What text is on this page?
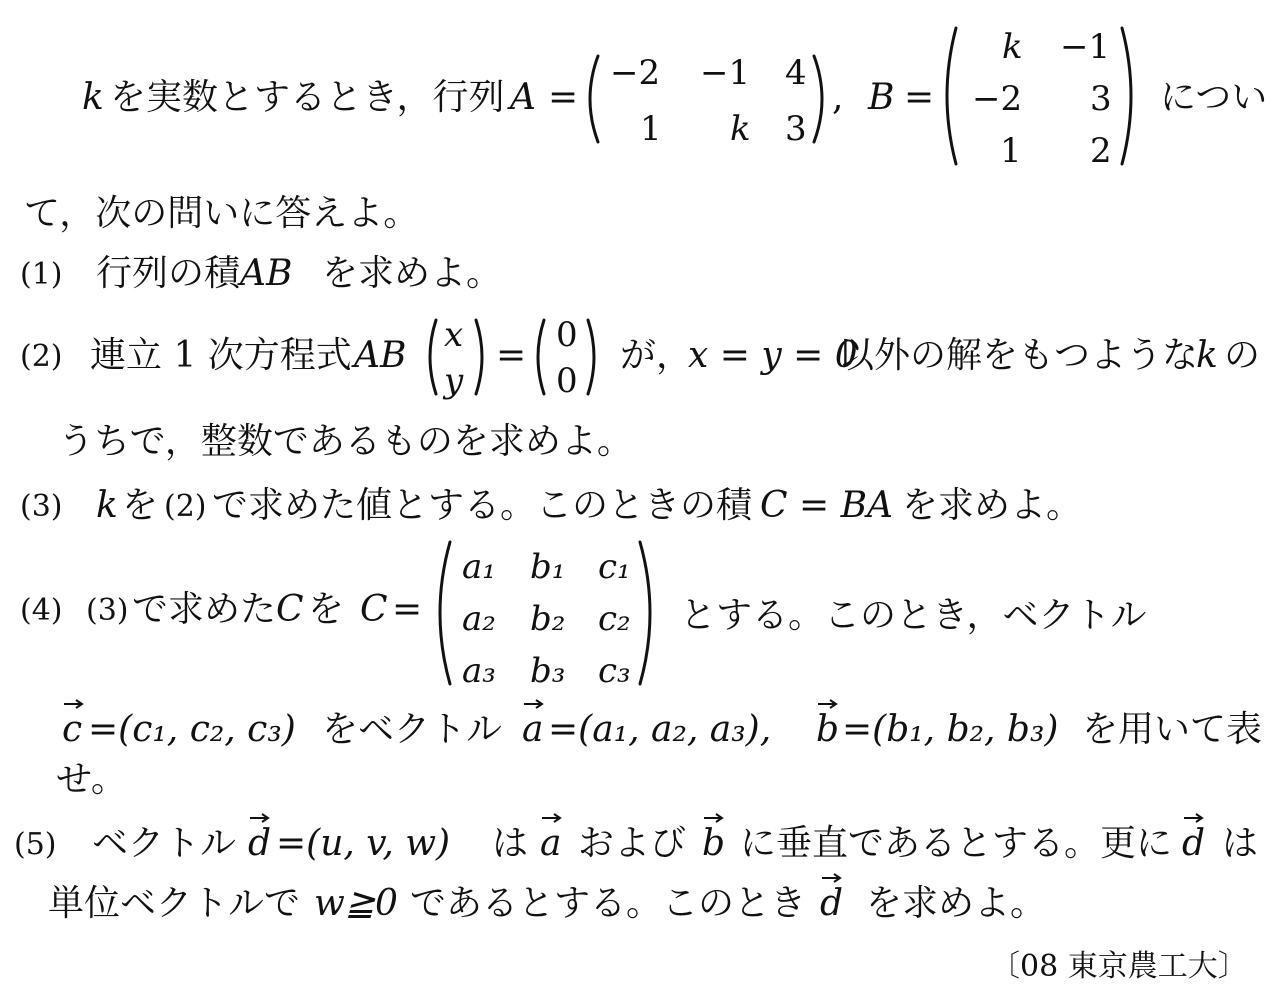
k を実数とするとき，行列 A =
−2 −1 4
1 k 3
, B =
k −1
−2 3
1 2
につい
て，次の問いに答えよ。
(1) 行列の積 AB を求めよ。
(2) 連立 1 次方程式 AB x
y
= 0
0
が，
x = y = 0
以外の解をもつような
k の
うちで，整数であるものを求めよ。
(3) k を (2) で求めた値とする。このときの積 C = BA を求めよ。
(4) (3) で求めた C を C =
a₁ b₁ c₁
a₂ b₂ c₂
a₃ b₃ c₃
とする。このとき，ベクトル
c =(c₁, c₂, c₃) をベクトル a =(a₁, a₂, a₃), b =(b₁, b₂, b₃) を用いて表
せ。
(5) ベクトル d =(u, v, w) は a および b に垂直であるとする。更に d は
単位ベクトルで w≧0 であるとする。このとき d を求めよ。
〔08 東京農工大〕
